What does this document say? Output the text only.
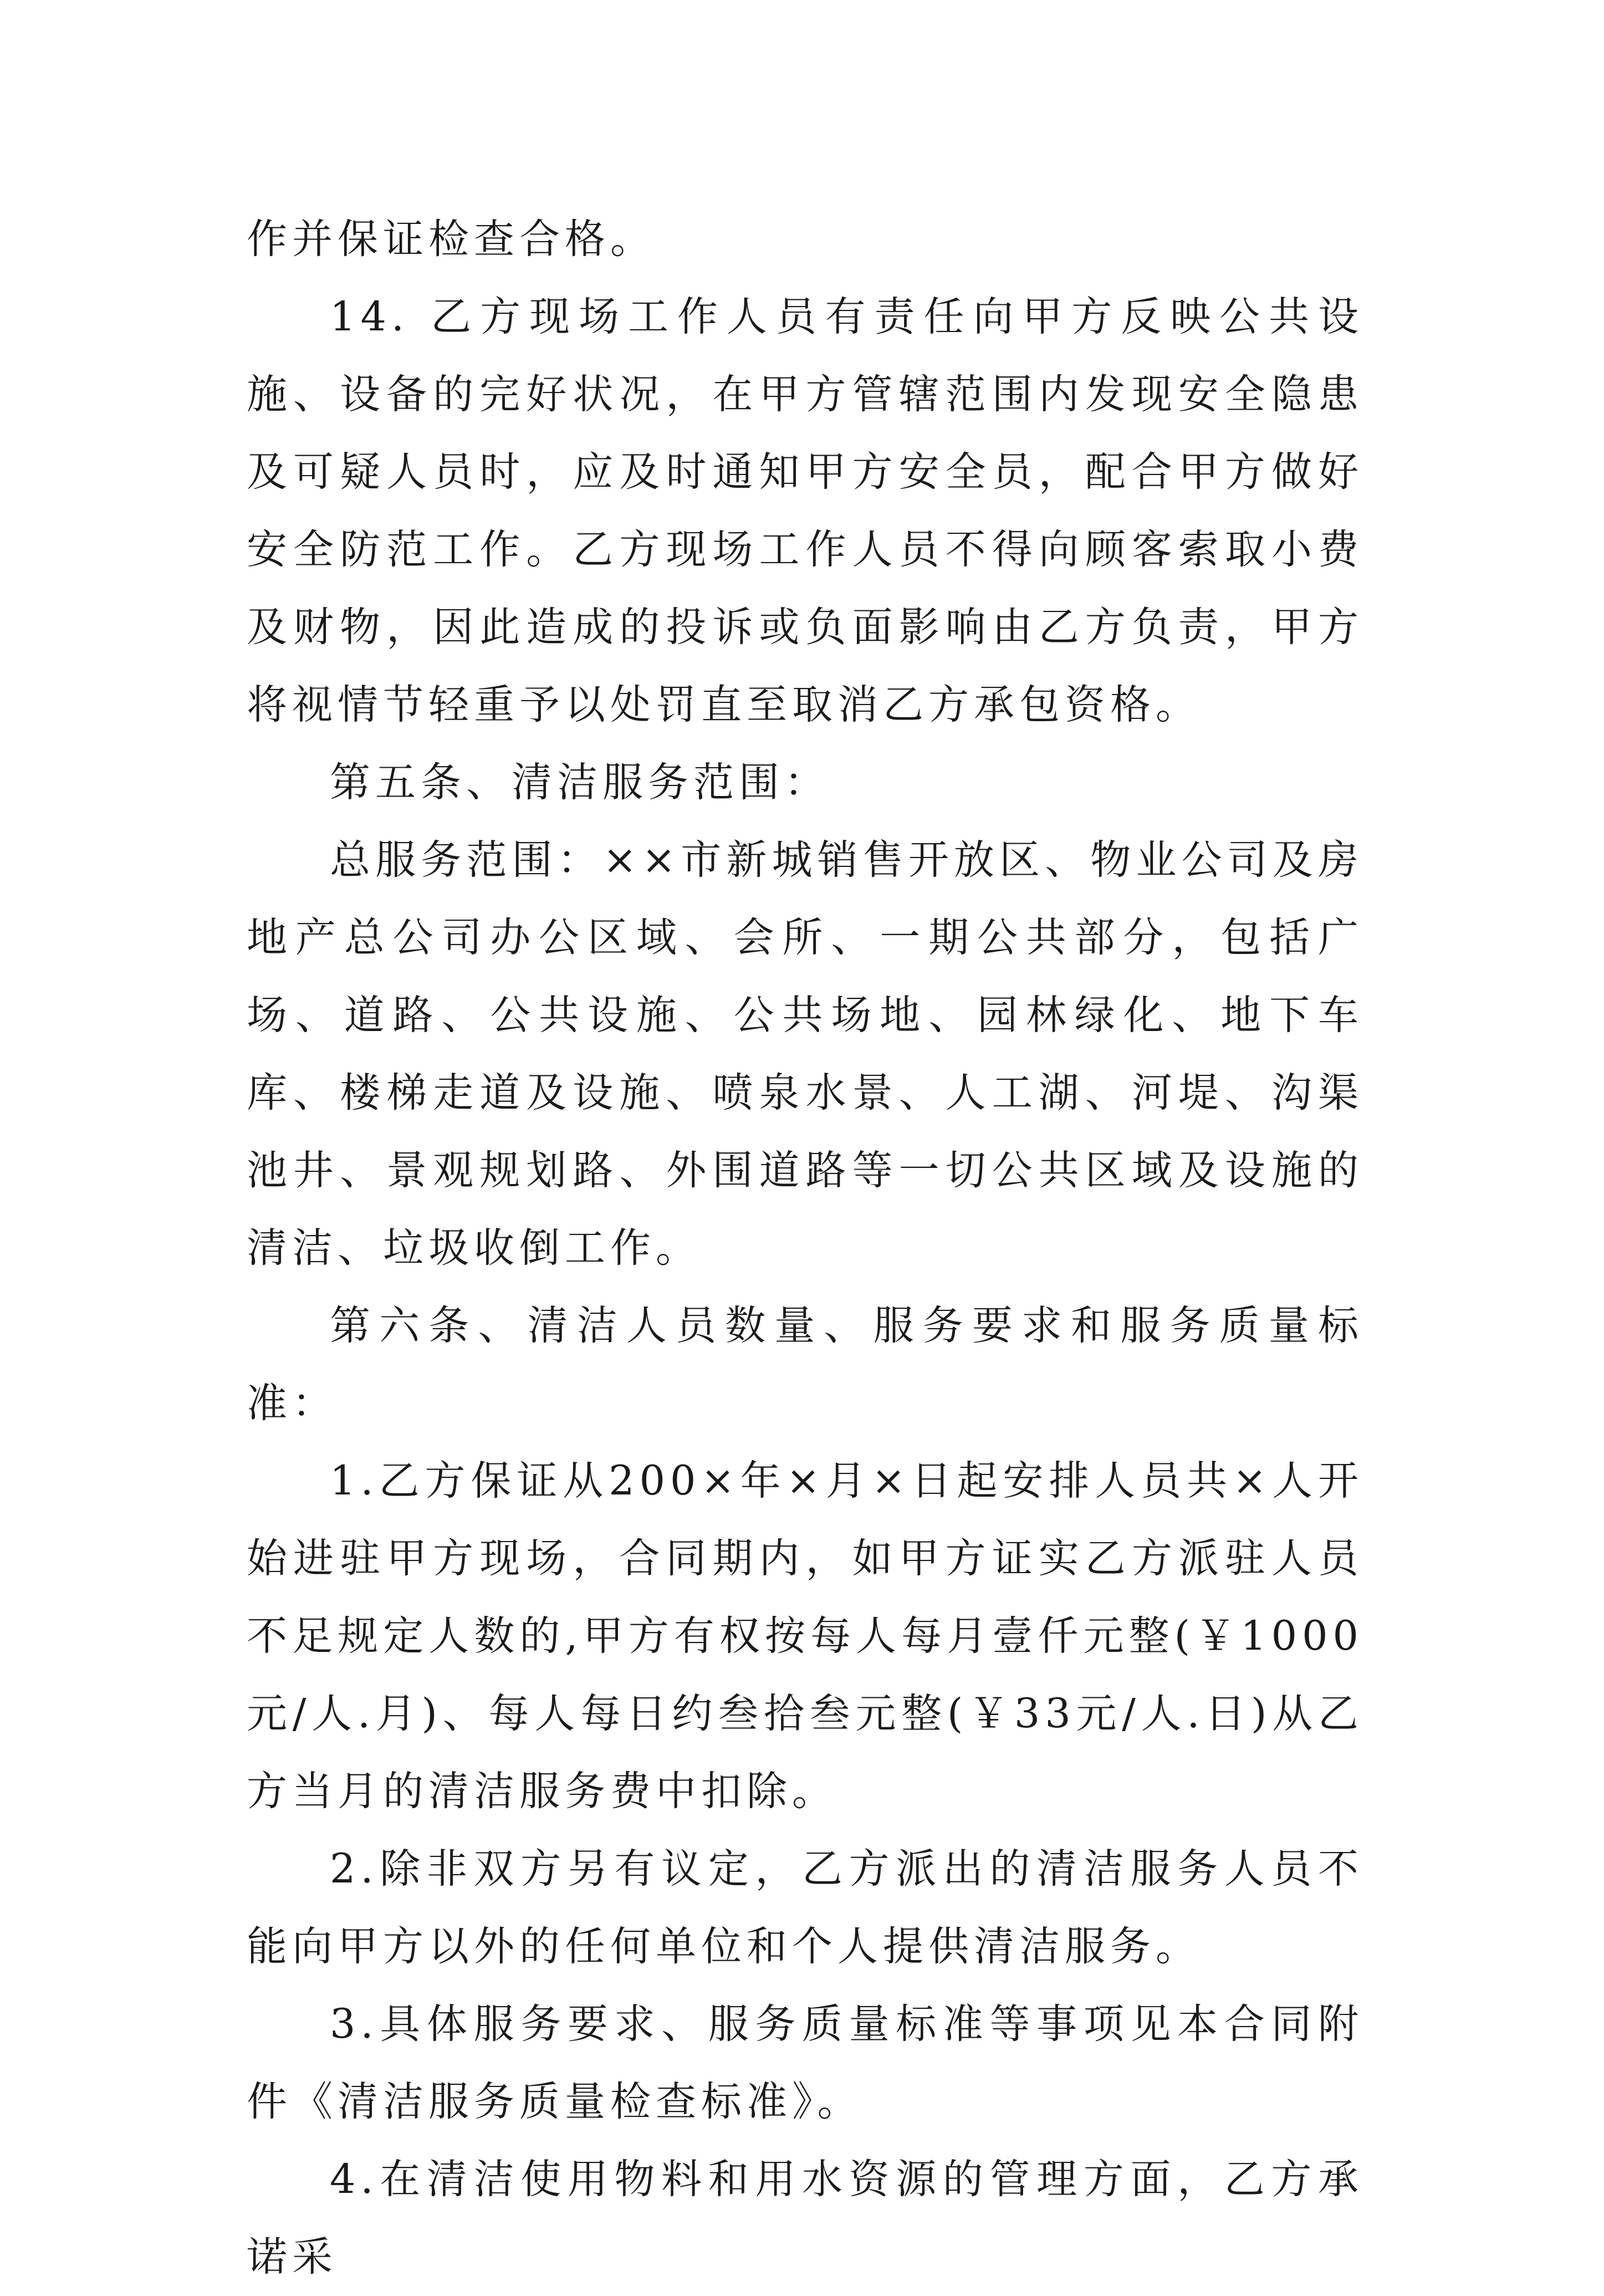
作并保证检查合格。

14. 乙方现场工作人员有责任向甲方反映公共设施、设备的完好状况，在甲方管辖范围内发现安全隐患及可疑人员时，应及时通知甲方安全员，配合甲方做好安全防范工作。乙方现场工作人员不得向顾客索取小费及财物，因此造成的投诉或负面影响由乙方负责，甲方将视情节轻重予以处罚直至取消乙方承包资格。

第五条、清洁服务范围：

总服务范围：××市新城销售开放区、物业公司及房地产总公司办公区域、会所、一期公共部分，包括广场、道路、公共设施、公共场地、园林绿化、地下车库、楼梯走道及设施、喷泉水景、人工湖、河堤、沟渠池井、景观规划路、外围道路等一切公共区域及设施的清洁、垃圾收倒工作。

第六条、清洁人员数量、服务要求和服务质量标准：

1.乙方保证从200×年×月×日起安排人员共×人开始进驻甲方现场，合同期内，如甲方证实乙方派驻人员不足规定人数的,甲方有权按每人每月壹仟元整(￥1000元/人.月)、每人每日约叁拾叁元整(￥33元/人.日)从乙方当月的清洁服务费中扣除。

2.除非双方另有议定，乙方派出的清洁服务人员不能向甲方以外的任何单位和个人提供清洁服务。

3.具体服务要求、服务质量标准等事项见本合同附件《清洁服务质量检查标准》。

4.在清洁使用物料和用水资源的管理方面，乙方承诺采
